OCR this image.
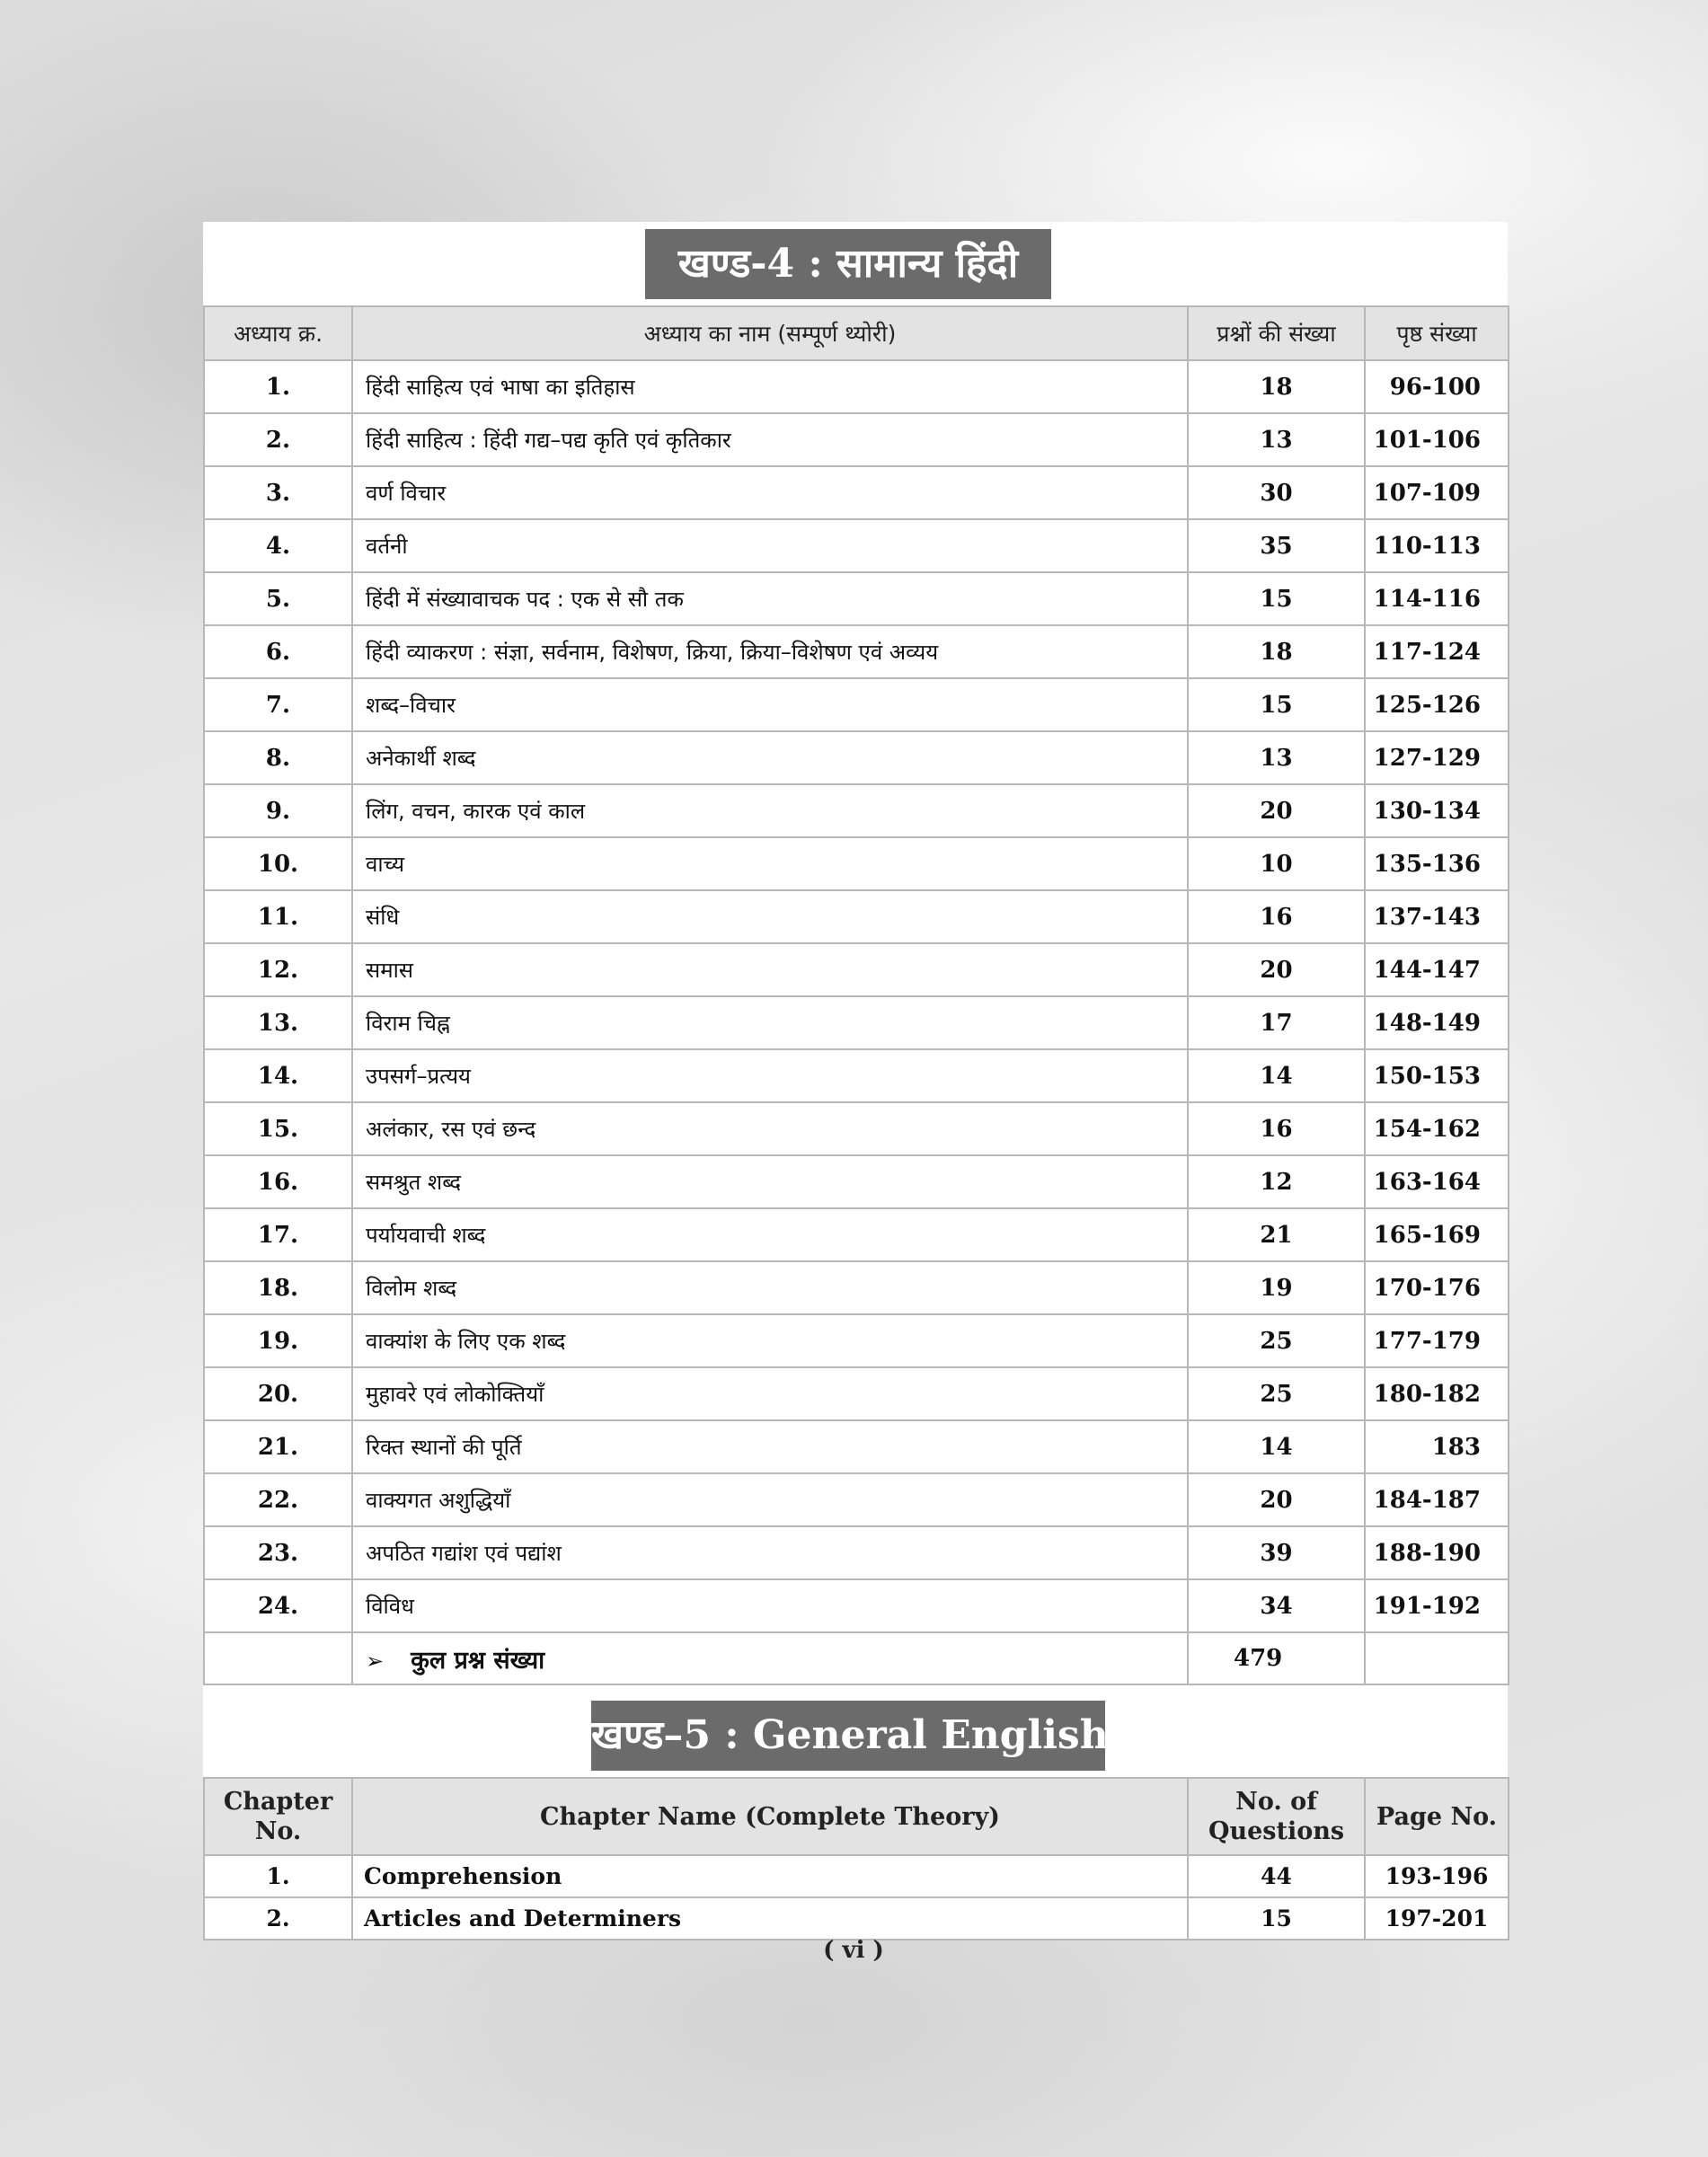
खण्ड-4 : सामान्य हिंदी
अध्याय क्र.	अध्याय का नाम (सम्पूर्ण थ्योरी)	प्रश्नों की संख्या	पृष्ठ संख्या
1.	हिंदी साहित्य एवं भाषा का इतिहास	18	96-100
2.	हिंदी साहित्य : हिंदी गद्य–पद्य कृति एवं कृतिकार	13	101-106
3.	वर्ण विचार	30	107-109
4.	वर्तनी	35	110-113
5.	हिंदी में संख्यावाचक पद : एक से सौ तक	15	114-116
6.	हिंदी व्याकरण : संज्ञा, सर्वनाम, विशेषण, क्रिया, क्रिया–विशेषण एवं अव्यय	18	117-124
7.	शब्द–विचार	15	125-126
8.	अनेकार्थी शब्द	13	127-129
9.	लिंग, वचन, कारक एवं काल	20	130-134
10.	वाच्य	10	135-136
11.	संधि	16	137-143
12.	समास	20	144-147
13.	विराम चिह्न	17	148-149
14.	उपसर्ग–प्रत्यय	14	150-153
15.	अलंकार, रस एवं छन्द	16	154-162
16.	समश्रुत शब्द	12	163-164
17.	पर्यायवाची शब्द	21	165-169
18.	विलोम शब्द	19	170-176
19.	वाक्यांश के लिए एक शब्द	25	177-179
20.	मुहावरे एवं लोकोक्तियाँ	25	180-182
21.	रिक्त स्थानों की पूर्ति	14	183
22.	वाक्यगत अशुद्धियाँ	20	184-187
23.	अपठित गद्यांश एवं पद्यांश	39	188-190
24.	विविध	34	191-192
	➢ कुल प्रश्न संख्या	479	
खण्ड–5 : General English
Chapter No.	Chapter Name (Complete Theory)	No. of Questions	Page No.
1.	Comprehension	44	193-196
2.	Articles and Determiners	15	197-201
( vi )
